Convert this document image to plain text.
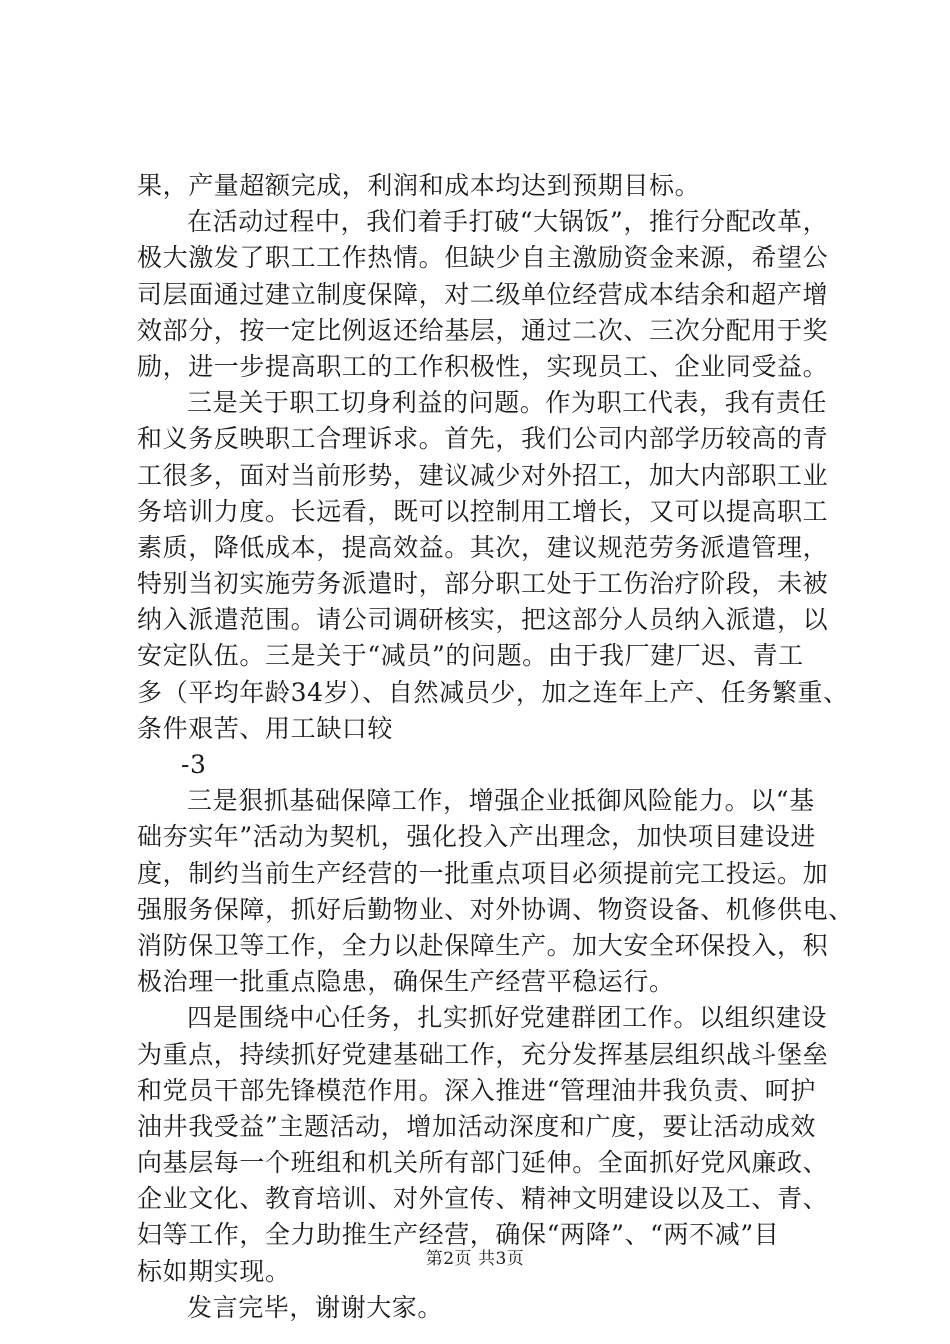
果，产量超额完成，利润和成本均达到预期目标。
在活动过程中，我们着手打破“大锅饭”，推行分配改革，
极大激发了职工工作热情。但缺少自主激励资金来源，希望公
司层面通过建立制度保障，对二级单位经营成本结余和超产增
效部分，按一定比例返还给基层，通过二次、三次分配用于奖
励，进一步提高职工的工作积极性，实现员工、企业同受益。
三是关于职工切身利益的问题。作为职工代表，我有责任
和义务反映职工合理诉求。首先，我们公司内部学历较高的青
工很多，面对当前形势，建议减少对外招工，加大内部职工业
务培训力度。长远看，既可以控制用工增长，又可以提高职工
素质，降低成本，提高效益。其次，建议规范劳务派遣管理，
特别当初实施劳务派遣时，部分职工处于工伤治疗阶段，未被
纳入派遣范围。请公司调研核实，把这部分人员纳入派遣，以
安定队伍。三是关于“减员”的问题。由于我厂建厂迟、青工
多（平均年龄34岁）、自然减员少，加之连年上产、任务繁重、
条件艰苦、用工缺口较
-3
三是狠抓基础保障工作，增强企业抵御风险能力。以“基
础夯实年”活动为契机，强化投入产出理念，加快项目建设进
度，制约当前生产经营的一批重点项目必须提前完工投运。加
强服务保障，抓好后勤物业、对外协调、物资设备、机修供电、
消防保卫等工作，全力以赴保障生产。加大安全环保投入，积
极治理一批重点隐患，确保生产经营平稳运行。
四是围绕中心任务，扎实抓好党建群团工作。以组织建设
为重点，持续抓好党建基础工作，充分发挥基层组织战斗堡垒
和党员干部先锋模范作用。深入推进“管理油井我负责、呵护
油井我受益”主题活动，增加活动深度和广度，要让活动成效
向基层每一个班组和机关所有部门延伸。全面抓好党风廉政、
企业文化、教育培训、对外宣传、精神文明建设以及工、青、
妇等工作，全力助推生产经营，确保“两降”、“两不减”目
标如期实现。
发言完毕，谢谢大家。
第2页 共3页
